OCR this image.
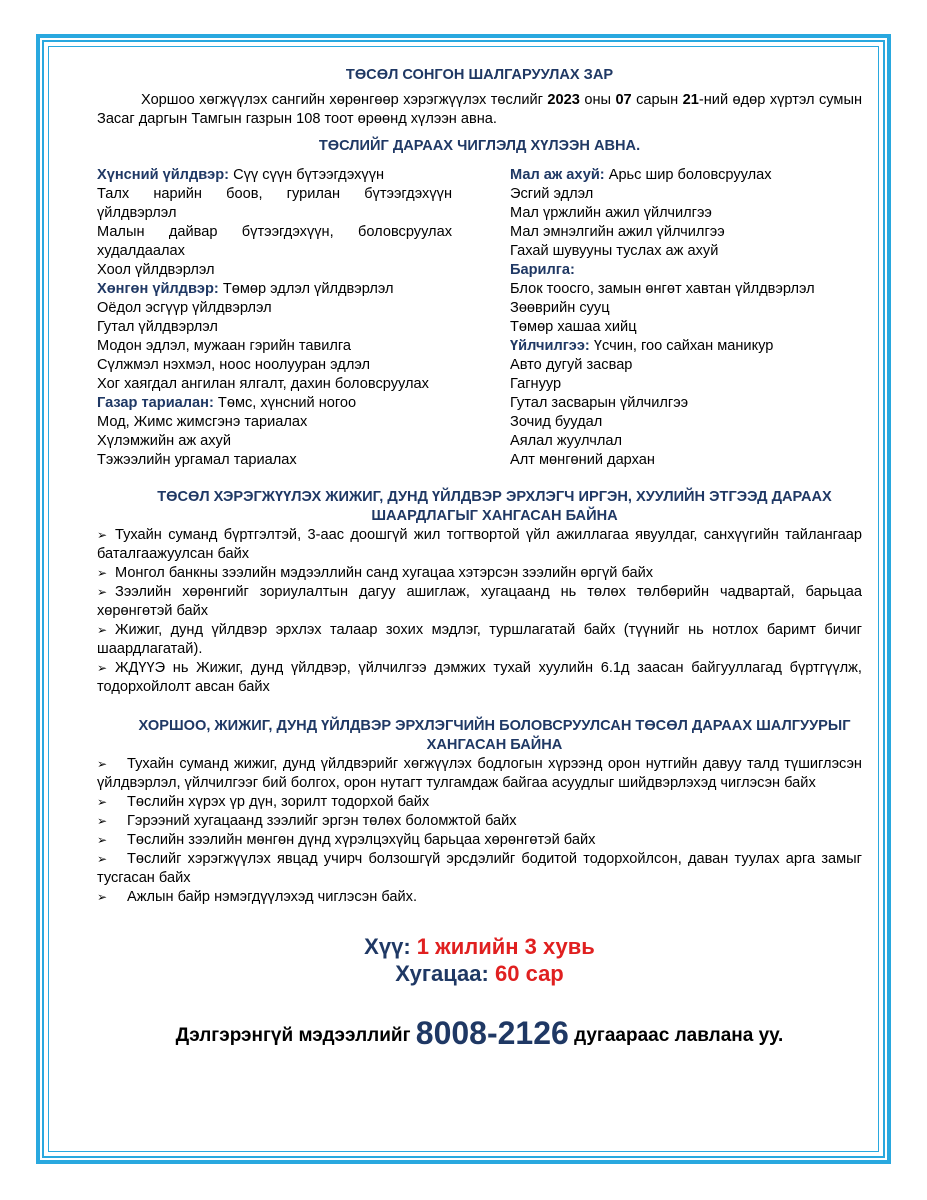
ТӨСӨЛ СОНГОН ШАЛГАРУУЛАХ ЗАР

Хоршоо хөгжүүлэх сангийн хөрөнгөөр хэрэгжүүлэх төслийг 2023 оны 07 сарын 21-ний өдөр хүртэл сумын Засаг даргын Тамгын газрын 108 тоот өрөөнд хүлээн авна.

ТӨСЛИЙГ ДАРААХ ЧИГЛЭЛД ХҮЛЭЭН АВНА.

Хүнсний үйлдвэр: Сүү сүүн бүтээгдэхүүн

Талх нарийн боов, гурилан бүтээгдэхүүн үйлдвэрлэл

Малын дайвар бүтээгдэхүүн, боловсруулах худалдаалах

Хоол үйлдвэрлэл

Хөнгөн үйлдвэр: Төмөр эдлэл үйлдвэрлэл

Оёдол эсгүүр үйлдвэрлэл

Гутал үйлдвэрлэл

Модон эдлэл, мужаан гэрийн тавилга

Сүлжмэл нэхмэл, ноос ноолууран эдлэл

Хог хаягдал ангилан ялгалт, дахин боловсруулах

Газар тариалан: Төмс, хүнсний ногоо

Мод, Жимс жимсгэнэ тариалах

Хүлэмжийн аж ахуй

Тэжээлийн ургамал тариалах

Мал аж ахуй: Арьс шир боловсруулах

Эсгий эдлэл

Мал үржлийн ажил үйлчилгээ

Мал эмнэлгийн ажил үйлчилгээ

Гахай шувууны туслах аж ахуй

Барилга:

Блок тоосго, замын өнгөт хавтан үйлдвэрлэл

Зөөврийн сууц

Төмөр хашаа хийц

Үйлчилгээ: Үсчин, гоо сайхан маникур

Авто дугуй засвар

Гагнуур

Гутал засварын үйлчилгээ

Зочид буудал

Аялал жуулчлал

Алт мөнгөний дархан

ТӨСӨЛ ХЭРЭГЖҮҮЛЭХ ЖИЖИГ, ДУНД ҮЙЛДВЭР ЭРХЛЭГЧ ИРГЭН, ХУУЛИЙН ЭТГЭЭД ДАРААХ ШААРДЛАГЫГ ХАНГАСАН БАЙНА

➢ Тухайн суманд бүртгэлтэй, 3-аас доошгүй жил тогтвортой үйл ажиллагаа явуулдаг, санхүүгийн тайлангаар баталгаажуулсан байх

➢ Монгол банкны зээлийн мэдээллийн санд хугацаа хэтэрсэн зээлийн өргүй байх

➢ Зээлийн хөрөнгийг зориулалтын дагуу ашиглаж, хугацаанд нь төлөх төлбөрийн чадвартай, барьцаа хөрөнгөтэй байх

➢ Жижиг, дунд үйлдвэр эрхлэх талаар зохих мэдлэг, туршлагатай байх (түүнийг нь нотлох баримт бичиг шаардлагатай).

➢ ЖДҮҮЭ нь Жижиг, дунд үйлдвэр, үйлчилгээ дэмжих тухай хуулийн 6.1д заасан байгууллагад бүртгүүлж, тодорхойлолт авсан байх

ХОРШОО, ЖИЖИГ, ДУНД ҮЙЛДВЭР ЭРХЛЭГЧИЙН БОЛОВСРУУЛСАН ТӨСӨЛ ДАРААХ ШАЛГУУРЫГ ХАНГАСАН БАЙНА

➢ Тухайн суманд жижиг, дунд үйлдвэрийг хөгжүүлэх бодлогын хүрээнд орон нутгийн давуу талд түшиглэсэн үйлдвэрлэл, үйлчилгээг бий болгох, орон нутагт тулгамдаж байгаа асуудлыг шийдвэрлэхэд чиглэсэн байх

➢ Төслийн хүрэх үр дүн, зорилт тодорхой байх

➢ Гэрээний хугацаанд зээлийг эргэн төлөх боломжтой байх

➢ Төслийн зээлийн мөнгөн дүнд хүрэлцэхүйц барьцаа хөрөнгөтэй байх

➢ Төслийг хэрэгжүүлэх явцад учирч болзошгүй эрсдэлийг бодитой тодорхойлсон, даван туулах арга замыг тусгасан байх

➢ Ажлын байр нэмэгдүүлэхэд чиглэсэн байх.

Хүү: 1 жилийн 3 хувь

Хугацаа: 60 сар

Дэлгэрэнгүй мэдээллийг 8008-2126 дугаараас лавлана уу.
